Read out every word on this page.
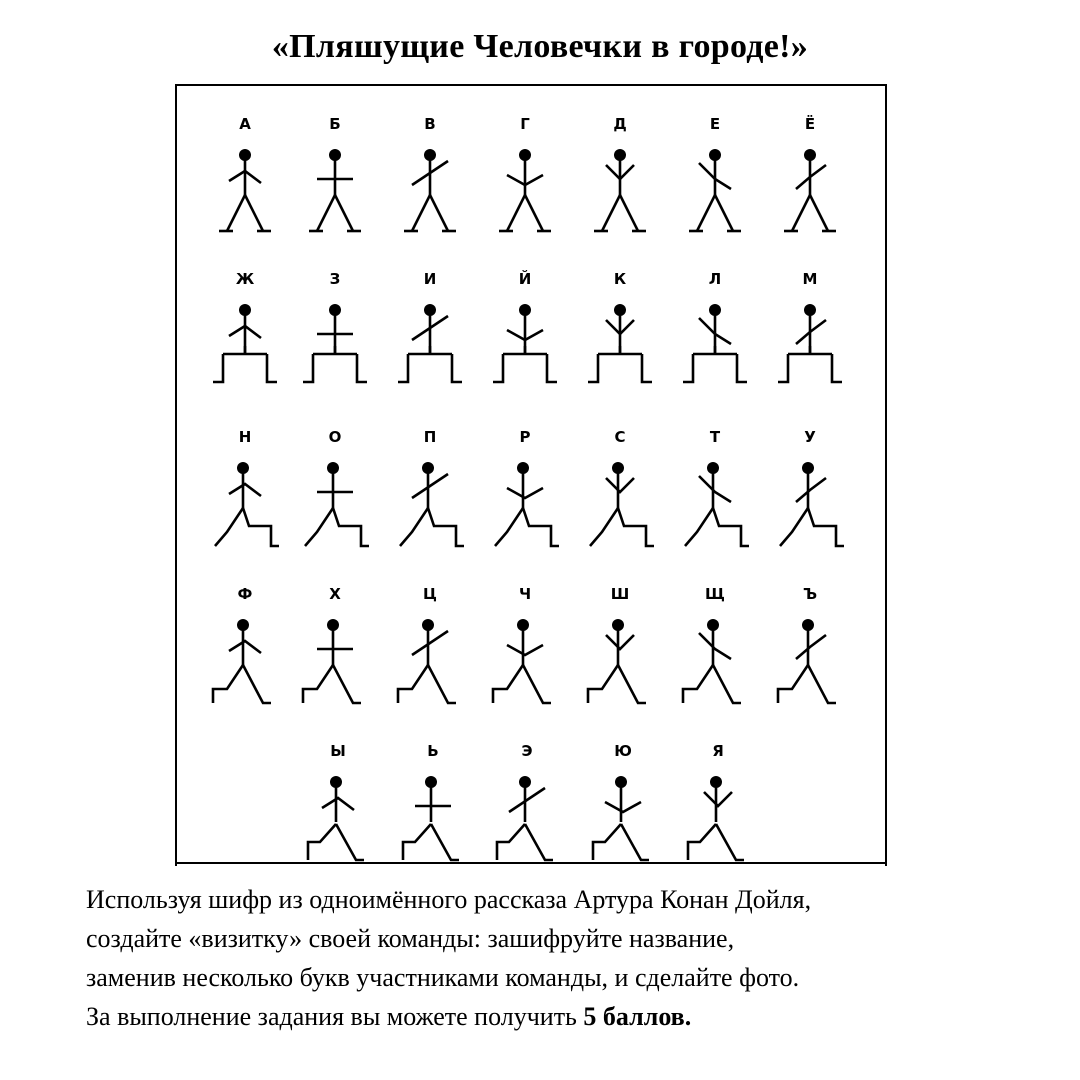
«Пляшущие Человечки в городе!»
А	Б	В	Г	Д	Е	Ё
Ж	З	И	Й	К	Л	М
Н	О	П	Р	С	Т	У
Ф	Х	Ц	Ч	Ш	Щ	Ъ
Ы	Ь	Э	Ю	Я

Используя шифр из одноимённого рассказа Артура Конан Дойля,

создайте «визитку» своей команды: зашифруйте название,

заменив несколько букв участниками команды, и сделайте фото.

За выполнение задания вы можете получить 5 баллов.
